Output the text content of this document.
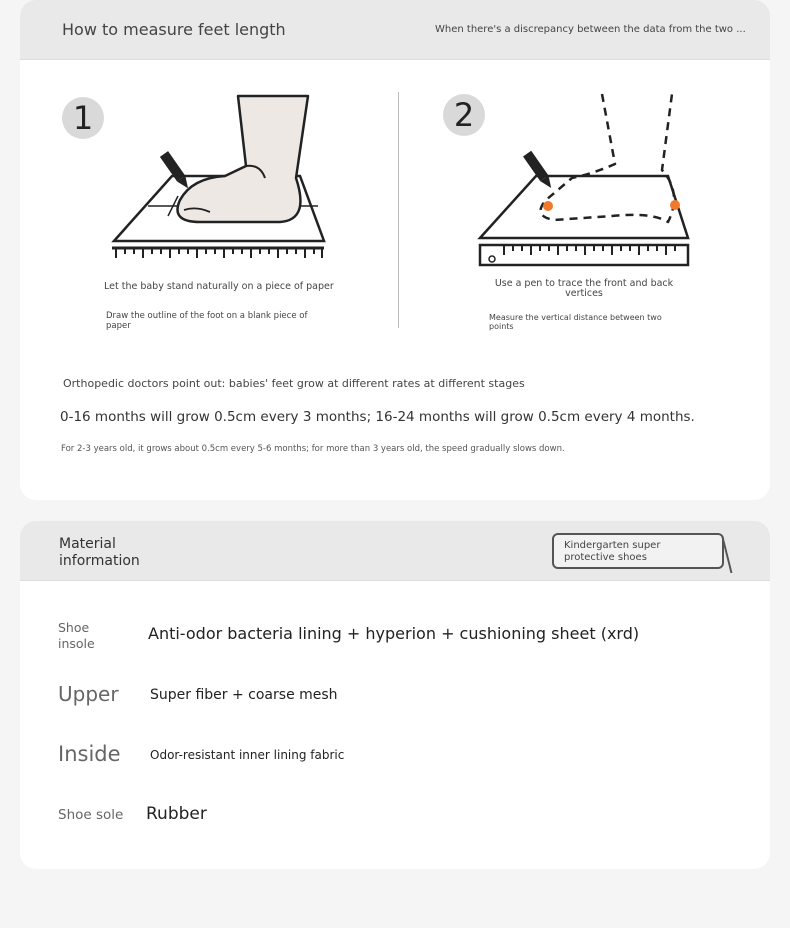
How to measure feet length	When there's a discrepancy between the data from the two ...
1
Let the baby stand naturally on a piece of paper
Draw the outline of the foot on a blank piece of paper
2
Use a pen to trace the front and back vertices
Measure the vertical distance between two points
Orthopedic doctors point out: babies' feet grow at different rates at different stages
0-16 months will grow 0.5cm every 3 months; 16-24 months will grow 0.5cm every 4 months.
For 2-3 years old, it grows about 0.5cm every 5-6 months; for more than 3 years old, the speed gradually slows down.
Material information
Kindergarten super protective shoes
Shoe insole
Anti-odor bacteria lining + hyperion + cushioning sheet (xrd)
Upper Super fiber + coarse mesh
Inside Odor-resistant inner lining fabric
Shoe sole Rubber
